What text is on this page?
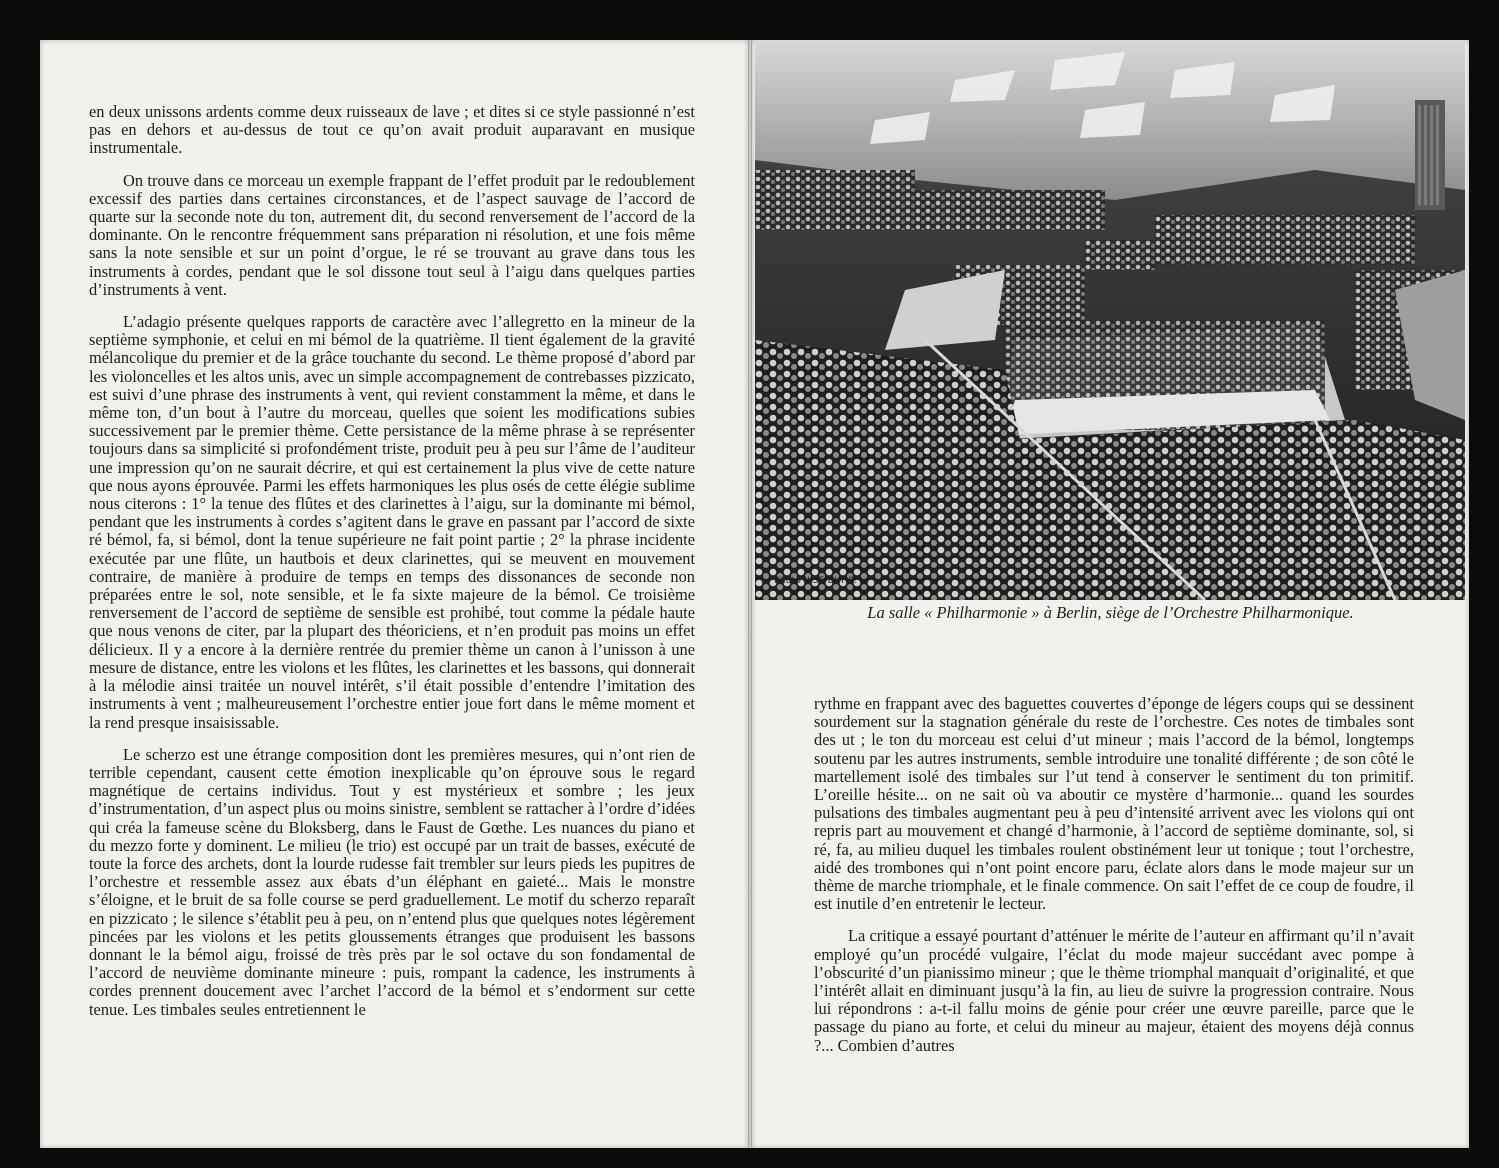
en deux unissons ardents comme deux ruisseaux de lave ; et dites si ce style passionné n’est pas en dehors et au-dessus de tout ce qu’on avait produit auparavant en musique instrumentale.

On trouve dans ce morceau un exemple frappant de l’effet produit par le redoublement excessif des parties dans certaines circonstances, et de l’aspect sauvage de l’accord de quarte sur la seconde note du ton, autrement dit, du second renversement de l’accord de la dominante. On le rencontre fréquemment sans préparation ni résolution, et une fois même sans la note sensible et sur un point d’orgue, le ré se trouvant au grave dans tous les instruments à cordes, pendant que le sol dissone tout seul à l’aigu dans quelques parties d’instruments à vent.

L’adagio présente quelques rapports de caractère avec l’allegretto en la mineur de la septième symphonie, et celui en mi bémol de la quatrième. Il tient également de la gravité mélancolique du premier et de la grâce touchante du second. Le thème proposé d’abord par les violoncelles et les altos unis, avec un simple accompagnement de contrebasses pizzicato, est suivi d’une phrase des instruments à vent, qui revient constamment la même, et dans le même ton, d’un bout à l’autre du morceau, quelles que soient les modifications subies successivement par le premier thème. Cette persistance de la même phrase à se représenter toujours dans sa simplicité si profondément triste, produit peu à peu sur l’âme de l’auditeur une impression qu’on ne saurait décrire, et qui est certainement la plus vive de cette nature que nous ayons éprouvée. Parmi les effets harmoniques les plus osés de cette élégie sublime nous citerons : 1° la tenue des flûtes et des clarinettes à l’aigu, sur la dominante mi bémol, pendant que les instruments à cordes s’agitent dans le grave en passant par l’accord de sixte ré bémol, fa, si bémol, dont la tenue supérieure ne fait point partie ; 2° la phrase incidente exécutée par une flûte, un hautbois et deux clarinettes, qui se meuvent en mouvement contraire, de manière à produire de temps en temps des dissonances de seconde non préparées entre le sol, note sensible, et le fa sixte majeure de la bémol. Ce troisième renversement de l’accord de septième de sensible est prohibé, tout comme la pédale haute que nous venons de citer, par la plupart des théoriciens, et n’en produit pas moins un effet délicieux. Il y a encore à la dernière rentrée du premier thème un canon à l’unisson à une mesure de distance, entre les violons et les flûtes, les clarinettes et les bassons, qui donnerait à la mélodie ainsi traitée un nouvel intérêt, s’il était possible d’entendre l’imitation des instruments à vent ; malheureusement l’orchestre entier joue fort dans le même moment et la rend presque insaisissable.

Le scherzo est une étrange composition dont les premières mesures, qui n’ont rien de terrible cependant, causent cette émotion inexplicable qu’on éprouve sous le regard magnétique de certains individus. Tout y est mystérieux et sombre ; les jeux d’instrumentation, d’un aspect plus ou moins sinistre, semblent se rattacher à l’ordre d’idées qui créa la fameuse scène du Bloksberg, dans le Faust de Gœthe. Les nuances du piano et du mezzo forte y dominent. Le milieu (le trio) est occupé par un trait de basses, exécuté de toute la force des archets, dont la lourde rudesse fait trembler sur leurs pieds les pupitres de l’orchestre et ressemble assez aux ébats d’un éléphant en gaieté... Mais le monstre s’éloigne, et le bruit de sa folle course se perd graduellement. Le motif du scherzo reparaît en pizzicato ; le silence s’établit peu à peu, on n’entend plus que quelques notes légèrement pincées par les violons et les petits gloussements étranges que produisent les bassons donnant le la bémol aigu, froissé de très près par le sol octave du son fondamental de l’accord de neuvième dominante mineure : puis, rompant la cadence, les instruments à cordes prennent doucement avec l’archet l’accord de la bémol et s’endorment sur cette tenue. Les timbales seules entretiennent le

Photo ILSE BUHS.
La salle « Philharmonie » à Berlin, siège de l’Orchestre Philharmonique.

rythme en frappant avec des baguettes couvertes d’éponge de légers coups qui se dessinent sourdement sur la stagnation générale du reste de l’orchestre. Ces notes de timbales sont des ut ; le ton du morceau est celui d’ut mineur ; mais l’accord de la bémol, longtemps soutenu par les autres instruments, semble introduire une tonalité différente ; de son côté le martellement isolé des timbales sur l’ut tend à conserver le sentiment du ton primitif. L’oreille hésite... on ne sait où va aboutir ce mystère d’harmonie... quand les sourdes pulsations des timbales augmentant peu à peu d’intensité arrivent avec les violons qui ont repris part au mouvement et changé d’harmonie, à l’accord de septième dominante, sol, si ré, fa, au milieu duquel les timbales roulent obstinément leur ut tonique ; tout l’orchestre, aidé des trombones qui n’ont point encore paru, éclate alors dans le mode majeur sur un thème de marche triomphale, et le finale commence. On sait l’effet de ce coup de foudre, il est inutile d’en entretenir le lecteur.

La critique a essayé pourtant d’atténuer le mérite de l’auteur en affirmant qu’il n’avait employé qu’un procédé vulgaire, l’éclat du mode majeur succédant avec pompe à l’obscurité d’un pianissimo mineur ; que le thème triomphal manquait d’originalité, et que l’intérêt allait en diminuant jusqu’à la fin, au lieu de suivre la progression contraire. Nous lui répondrons : a-t-il fallu moins de génie pour créer une œuvre pareille, parce que le passage du piano au forte, et celui du mineur au majeur, étaient des moyens déjà connus ?... Combien d’autres
